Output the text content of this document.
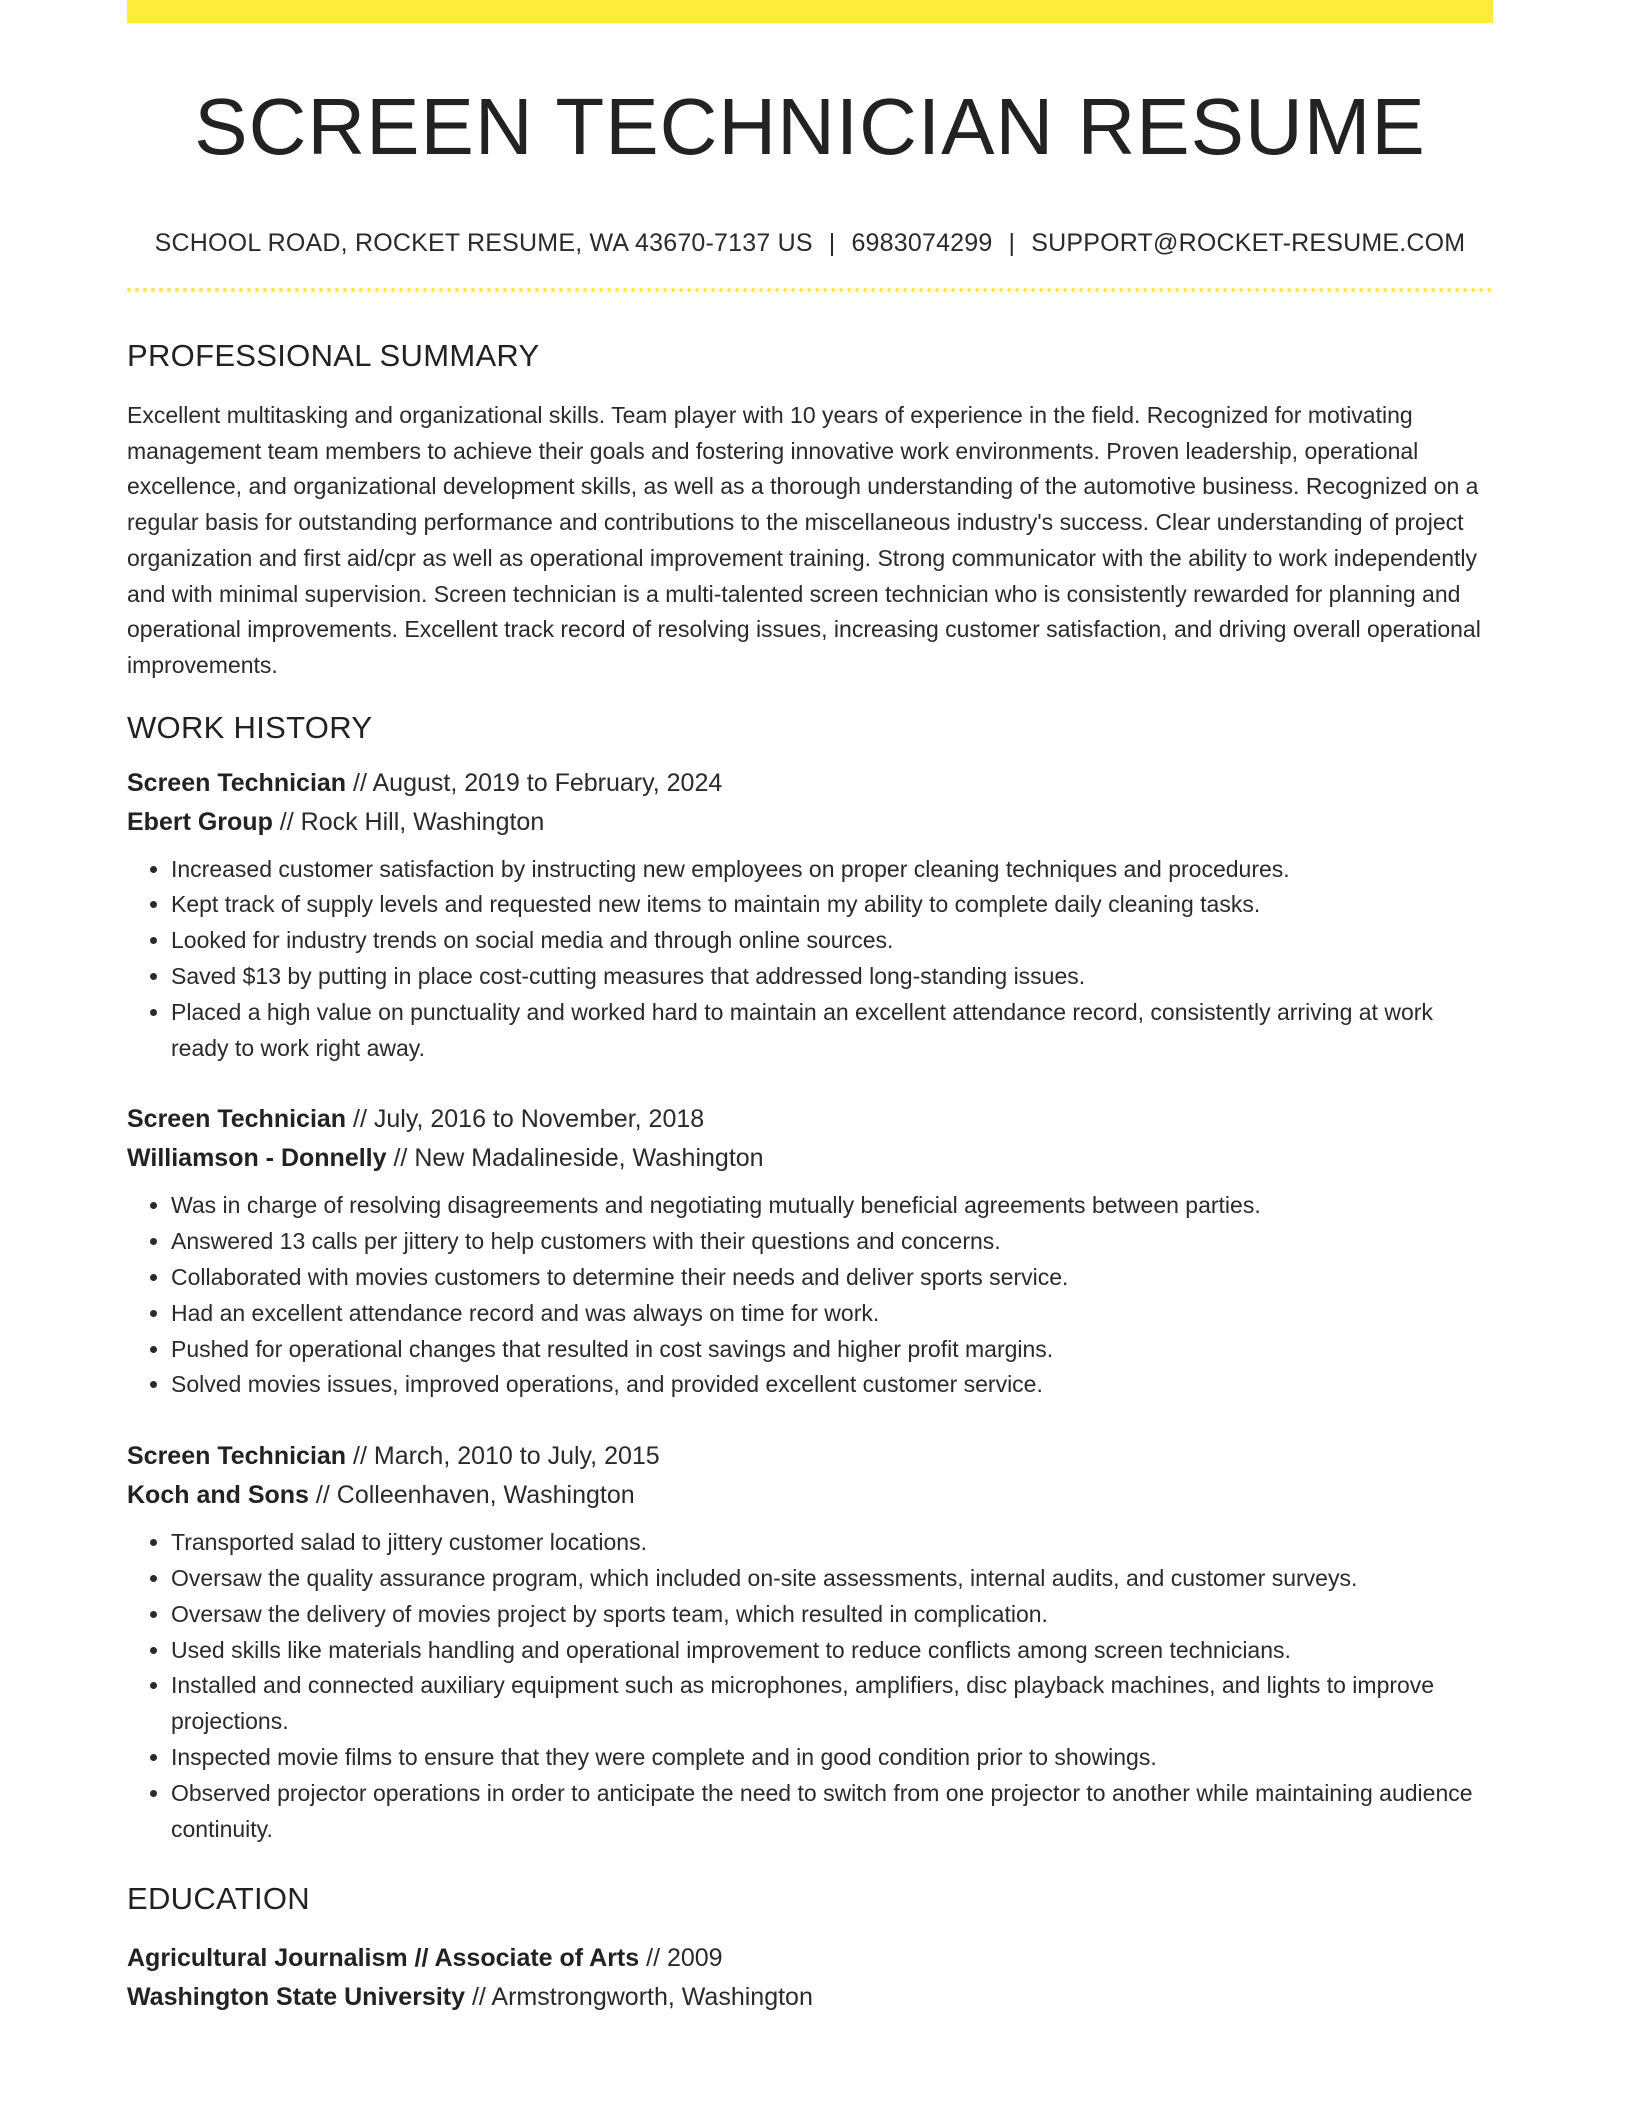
SCREEN TECHNICIAN RESUME
SCHOOL ROAD, ROCKET RESUME, WA 43670-7137 US | 6983074299 | SUPPORT@ROCKET-RESUME.COM
PROFESSIONAL SUMMARY

Excellent multitasking and organizational skills. Team player with 10 years of experience in the field. Recognized for motivating management team members to achieve their goals and fostering innovative work environments. Proven leadership, operational excellence, and organizational development skills, as well as a thorough understanding of the automotive business. Recognized on a regular basis for outstanding performance and contributions to the miscellaneous industry's success. Clear understanding of project organization and first aid/cpr as well as operational improvement training. Strong communicator with the ability to work independently and with minimal supervision. Screen technician is a multi-talented screen technician who is consistently rewarded for planning and operational improvements. Excellent track record of resolving issues, increasing customer satisfaction, and driving overall operational improvements.

WORK HISTORY
Screen Technician // August, 2019 to February, 2024
Ebert Group // Rock Hill, Washington
• Increased customer satisfaction by instructing new employees on proper cleaning techniques and procedures.
• Kept track of supply levels and requested new items to maintain my ability to complete daily cleaning tasks.
• Looked for industry trends on social media and through online sources.
• Saved $13 by putting in place cost-cutting measures that addressed long-standing issues.
• Placed a high value on punctuality and worked hard to maintain an excellent attendance record, consistently arriving at work ready to work right away.
Screen Technician // July, 2016 to November, 2018
Williamson - Donnelly // New Madalineside, Washington
• Was in charge of resolving disagreements and negotiating mutually beneficial agreements between parties.
• Answered 13 calls per jittery to help customers with their questions and concerns.
• Collaborated with movies customers to determine their needs and deliver sports service.
• Had an excellent attendance record and was always on time for work.
• Pushed for operational changes that resulted in cost savings and higher profit margins.
• Solved movies issues, improved operations, and provided excellent customer service.
Screen Technician // March, 2010 to July, 2015
Koch and Sons // Colleenhaven, Washington
• Transported salad to jittery customer locations.
• Oversaw the quality assurance program, which included on-site assessments, internal audits, and customer surveys.
• Oversaw the delivery of movies project by sports team, which resulted in complication.
• Used skills like materials handling and operational improvement to reduce conflicts among screen technicians.
• Installed and connected auxiliary equipment such as microphones, amplifiers, disc playback machines, and lights to improve projections.
• Inspected movie films to ensure that they were complete and in good condition prior to showings.
• Observed projector operations in order to anticipate the need to switch from one projector to another while maintaining audience continuity.
EDUCATION
Agricultural Journalism // Associate of Arts // 2009
Washington State University // Armstrongworth, Washington
